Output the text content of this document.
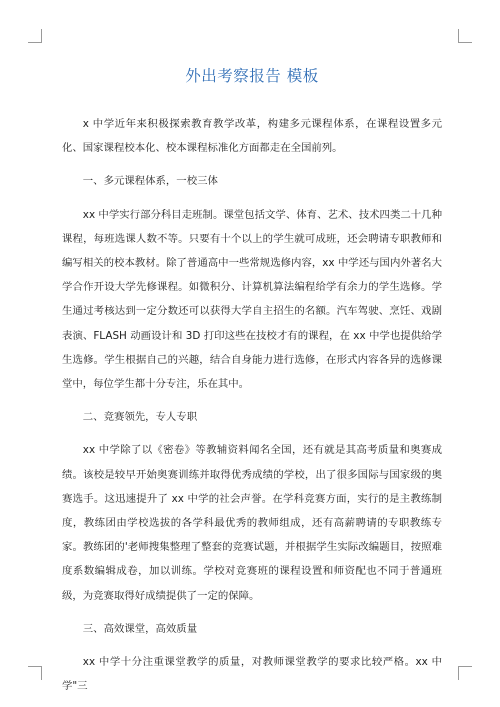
外出考察报告 模板

x 中学近年来积极探索教育教学改革，构建多元课程体系，在课程设置多元化、国家课程校本化、校本课程标准化方面都走在全国前列。

一、多元课程体系，一校三体

xx 中学实行部分科目走班制。课堂包括文学、体育、艺术、技术四类二十几种课程，每班选课人数不等。只要有十个以上的学生就可成班，还会聘请专职教师和编写相关的校本教材。除了普通高中一些常规选修内容，xx 中学还与国内外著名大学合作开设大学先修课程。如微积分、计算机算法编程给学有余力的学生选修。学生通过考核达到一定分数还可以获得大学自主招生的名额。汽车驾驶、烹饪、戏剧表演、FLASH 动画设计和 3D 打印这些在技校才有的课程，在 xx 中学也提供给学生选修。学生根据自己的兴趣，结合自身能力进行选修，在形式内容各异的选修课堂中，每位学生都十分专注，乐在其中。

二、竞赛领先，专人专职

xx 中学除了以《密卷》等教辅资料闻名全国，还有就是其高考质量和奥赛成绩。该校是较早开始奥赛训练并取得优秀成绩的学校，出了很多国际与国家级的奥赛选手。这迅速提升了 xx 中学的社会声誉。在学科竞赛方面，实行的是主教练制度，教练团由学校选拔的各学科最优秀的教师组成，还有高薪聘请的专职教练专家。教练团的'老师搜集整理了整套的竞赛试题，并根据学生实际改编题目，按照难度系数编辑成卷，加以训练。学校对竞赛班的课程设置和师资配也不同于普通班级，为竞赛取得好成绩提供了一定的保障。

三、高效课堂，高效质量

xx 中学十分注重课堂教学的质量，对教师课堂教学的要求比较严格。xx 中学"三
